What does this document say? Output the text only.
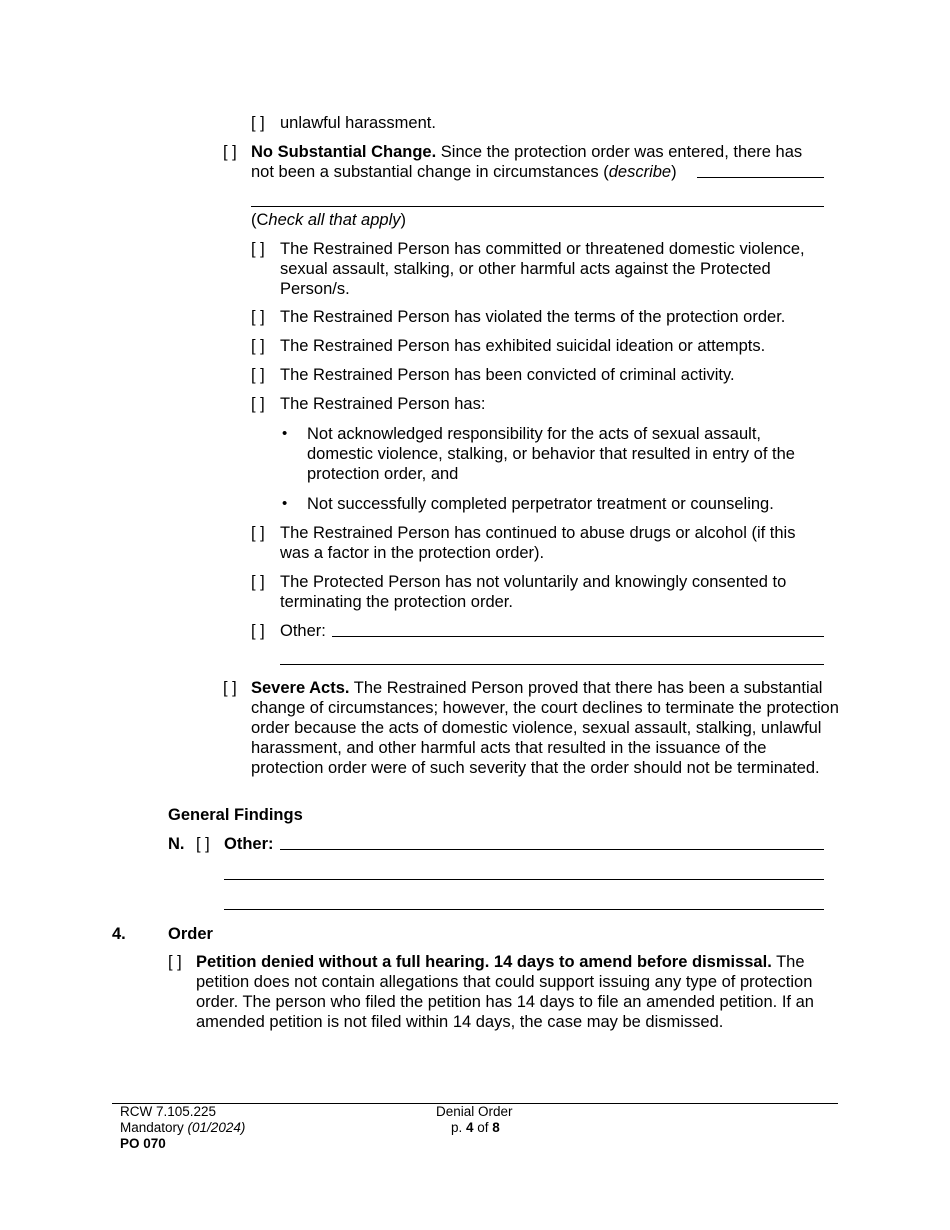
[ ] unlawful harassment.
[ ] No Substantial Change. Since the protection order was entered, there has
not been a substantial change in circumstances (describe)
(Check all that apply)
[ ] The Restrained Person has committed or threatened domestic violence, sexual assault, stalking, or other harmful acts against the Protected Person/s.
[ ] The Restrained Person has violated the terms of the protection order.
[ ] The Restrained Person has exhibited suicidal ideation or attempts.
[ ] The Restrained Person has been convicted of criminal activity.
[ ] The Restrained Person has:
• Not acknowledged responsibility for the acts of sexual assault, domestic violence, stalking, or behavior that resulted in entry of the protection order, and
• Not successfully completed perpetrator treatment or counseling.
[ ] The Restrained Person has continued to abuse drugs or alcohol (if this was a factor in the protection order).
[ ] The Protected Person has not voluntarily and knowingly consented to terminating the protection order.
[ ] Other:
[ ] Severe Acts. The Restrained Person proved that there has been a substantial change of circumstances; however, the court declines to terminate the protection order because the acts of domestic violence, sexual assault, stalking, unlawful harassment, and other harmful acts that resulted in the issuance of the protection order were of such severity that the order should not be terminated.
General Findings
N. [ ] Other:
4.	Order
[ ] Petition denied without a full hearing. 14 days to amend before dismissal. The petition does not contain allegations that could support issuing any type of protection order. The person who filed the petition has 14 days to file an amended petition. If an amended petition is not filed within 14 days, the case may be dismissed.
RCW 7.105.225
Mandatory (01/2024)
PO 070
Denial Order
p. 4 of 8
